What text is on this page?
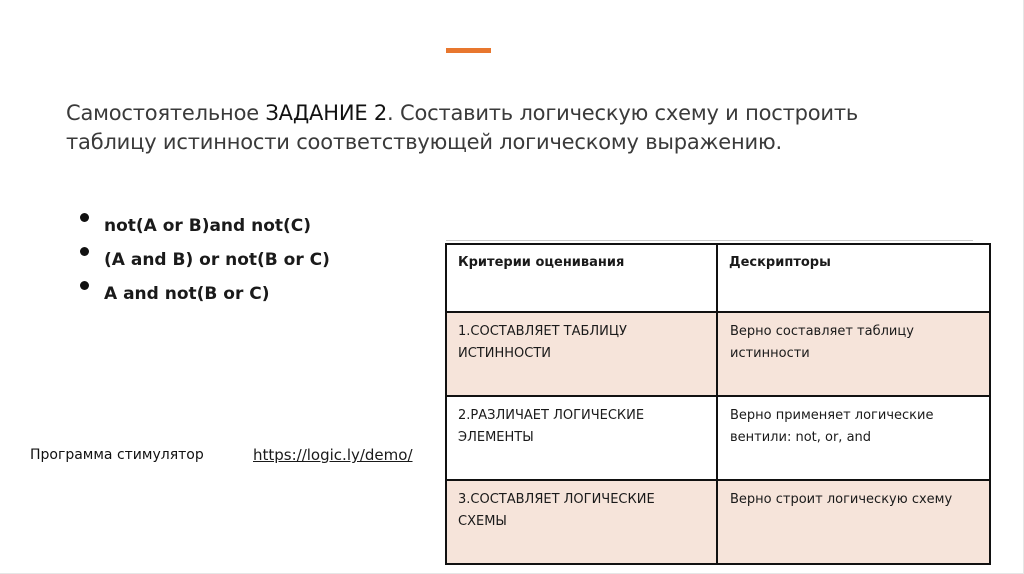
Самостоятельное ЗАДАНИЕ 2. Составить логическую схему и построить таблицу истинности соответствующей логическому выражению.
not(A or B)and not(C)
(A and B) or not(B or C)
A and not(B or C)
Программа стимулятор	https://logic.ly/demo/
Критерии оценивания	Дескрипторы

1.СОСТАВЛЯЕТ ТАБЛИЦУ ИСТИННОСТИ	Верно составляет таблицу истинности

2.РАЗЛИЧАЕТ ЛОГИЧЕСКИЕ ЭЛЕМЕНТЫ	Верно применяет логические вентили: not, or, and

3.СОСТАВЛЯЕТ ЛОГИЧЕСКИЕ СХЕМЫ	Верно строит логическую схему
